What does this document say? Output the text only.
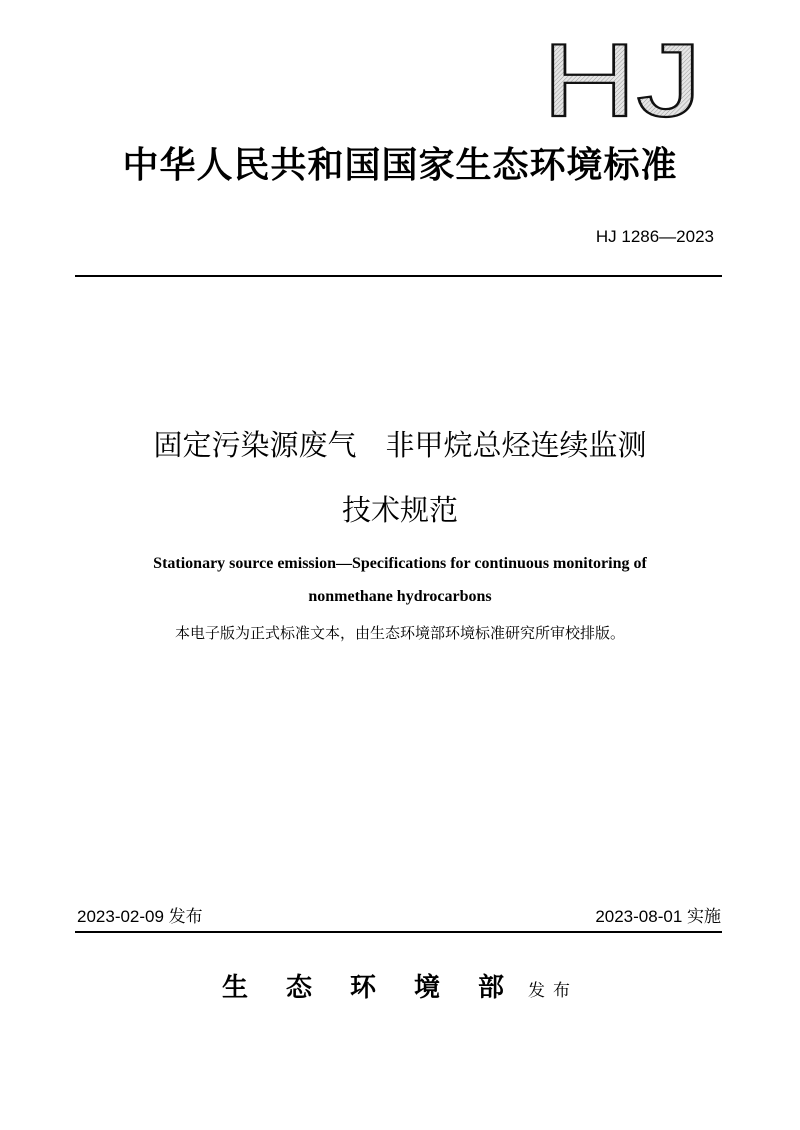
HJ
中华人民共和国国家生态环境标准
HJ 1286—2023
固定污染源废气　非甲烷总烃连续监测
技术规范
Stationary source emission—Specifications for continuous monitoring of
nonmethane hydrocarbons
本电子版为正式标准文本，由生态环境部环境标准研究所审校排版。
2023-02-09 发布	2023-08-01 实施
生态环境部发布
